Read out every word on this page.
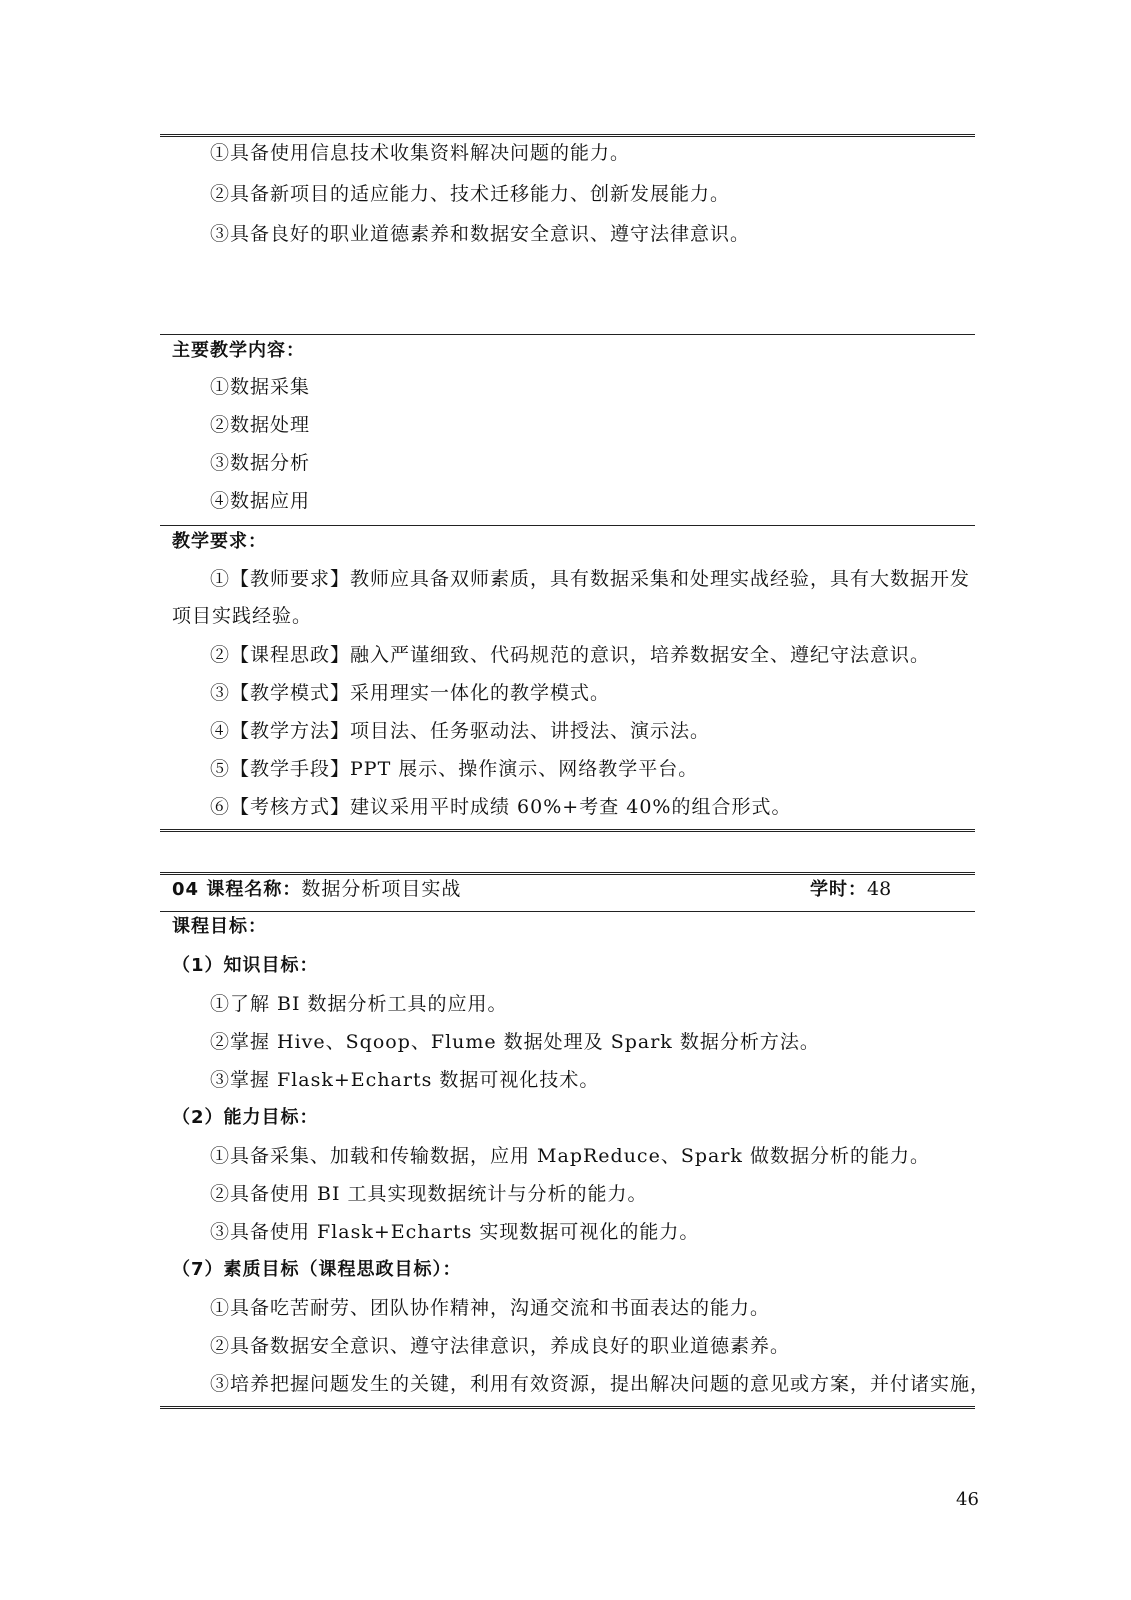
①具备使用信息技术收集资料解决问题的能力。
②具备新项目的适应能力、技术迁移能力、创新发展能力。
③具备良好的职业道德素养和数据安全意识、遵守法律意识。
主要教学内容：
①数据采集
②数据处理
③数据分析
④数据应用
教学要求：
①【教师要求】教师应具备双师素质，具有数据采集和处理实战经验，具有大数据开发
项目实践经验。
②【课程思政】融入严谨细致、代码规范的意识，培养数据安全、遵纪守法意识。
③【教学模式】采用理实一体化的教学模式。
④【教学方法】项目法、任务驱动法、讲授法、演示法。
⑤【教学手段】PPT 展示、操作演示、网络教学平台。
⑥【考核方式】建议采用平时成绩 60%+考查 40%的组合形式。
04 课程名称：数据分析项目实战	学时：48
课程目标：
（1）知识目标：
①了解 BI 数据分析工具的应用。
②掌握 Hive、Sqoop、Flume 数据处理及 Spark 数据分析方法。
③掌握 Flask+Echarts 数据可视化技术。
（2）能力目标：
①具备采集、加载和传输数据，应用 MapReduce、Spark 做数据分析的能力。
②具备使用 BI 工具实现数据统计与分析的能力。
③具备使用 Flask+Echarts 实现数据可视化的能力。
（7）素质目标（课程思政目标）：
①具备吃苦耐劳、团队协作精神，沟通交流和书面表达的能力。
②具备数据安全意识、遵守法律意识，养成良好的职业道德素养。
③培养把握问题发生的关键，利用有效资源，提出解决问题的意见或方案，并付诸实施，
46
